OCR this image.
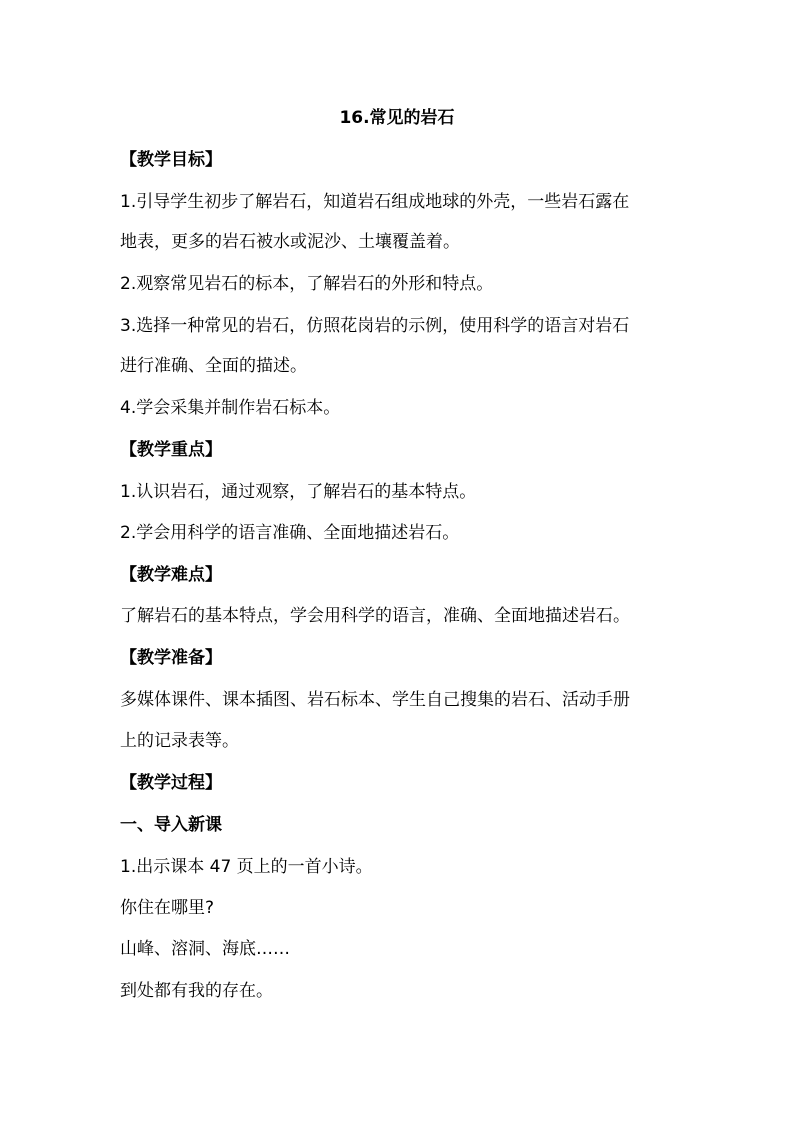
16.常见的岩石
【教学目标】
1.引导学生初步了解岩石，知道岩石组成地球的外壳，一些岩石露在
地表，更多的岩石被水或泥沙、土壤覆盖着。
2.观察常见岩石的标本，了解岩石的外形和特点。
3.选择一种常见的岩石，仿照花岗岩的示例，使用科学的语言对岩石
进行准确、全面的描述。
4.学会采集并制作岩石标本。
【教学重点】
1.认识岩石，通过观察，了解岩石的基本特点。
2.学会用科学的语言准确、全面地描述岩石。
【教学难点】
了解岩石的基本特点，学会用科学的语言，准确、全面地描述岩石。
【教学准备】
多媒体课件、课本插图、岩石标本、学生自己搜集的岩石、活动手册
上的记录表等。
【教学过程】
一、导入新课
1.出示课本 47 页上的一首小诗。
你住在哪里?
山峰、溶洞、海底……
到处都有我的存在。
